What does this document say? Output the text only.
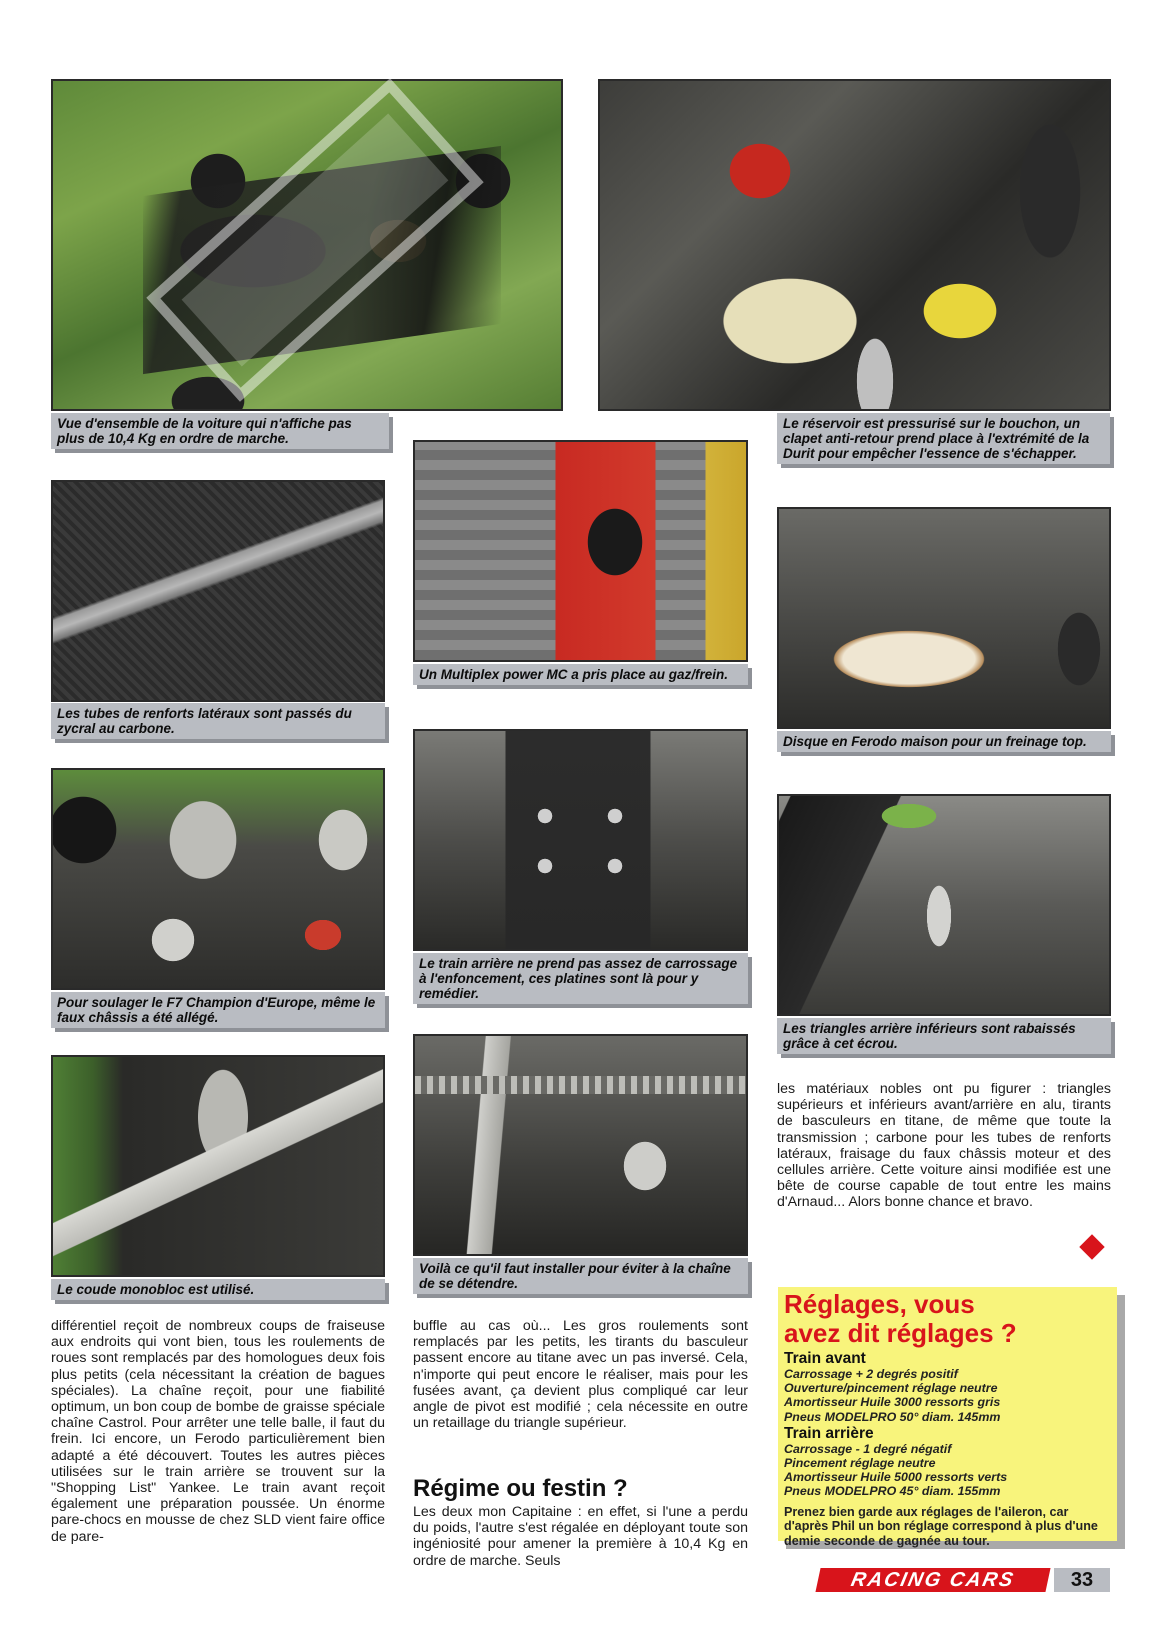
Vue d'ensemble de la voiture qui n'affiche pas plus de 10,4 Kg en ordre de marche.
Le réservoir est pressurisé sur le bouchon, un clapet anti-retour prend place à l'extrémité de la Durit pour empêcher l'essence de s'échapper.
Les tubes de renforts latéraux sont passés du zycral au carbone.
Un Multiplex power MC a pris place au gaz/frein.
Disque en Ferodo maison pour un freinage top.
Pour soulager le F7 Champion d'Europe, même le faux châssis a été allégé.
Le train arrière ne prend pas assez de carrossage à l'enfoncement, ces platines sont là pour y remédier.
Les triangles arrière inférieurs sont rabaissés grâce à cet écrou.
Le coude monobloc est utilisé.
Voilà ce qu'il faut installer pour éviter à la chaîne de se détendre.

différentiel reçoit de nombreux coups de fraiseuse aux endroits qui vont bien, tous les roulements de roues sont remplacés par des homologues deux fois plus petits (cela nécessitant la création de bagues spéciales). La chaîne reçoit, pour une fiabilité optimum, un bon coup de bombe de graisse spéciale chaîne Castrol. Pour arrêter une telle balle, il faut du frein. Ici encore, un Ferodo particulièrement bien adapté a été découvert. Toutes les autres pièces utilisées sur le train arrière se trouvent sur la "Shopping List" Yankee. Le train avant reçoit également une préparation poussée. Un énorme pare-chocs en mousse de chez SLD vient faire office de pare-

buffle au cas où... Les gros roulements sont remplacés par les petits, les tirants du basculeur passent encore au titane avec un pas inversé. Cela, n'importe qui peut encore le réaliser, mais pour les fusées avant, ça devient plus compliqué car leur angle de pivot est modifié ; cela nécessite en outre un retaillage du triangle supérieur.

Régime ou festin ?

Les deux mon Capitaine : en effet, si l'une a perdu du poids, l'autre s'est régalée en déployant toute son ingéniosité pour amener la première à 10,4 Kg en ordre de marche. Seuls

les matériaux nobles ont pu figurer : triangles supérieurs et inférieurs avant/arrière en alu, tirants de basculeurs en titane, de même que toute la transmission ; carbone pour les tubes de renforts latéraux, fraisage du faux châssis moteur et des cellules arrière. Cette voiture ainsi modifiée est une bête de course capable de tout entre les mains d'Arnaud... Alors bonne chance et bravo.

Réglages, vous
avez dit réglages ?
Train avant

Carrossage + 2 degrés positif

Ouverture/pincement réglage neutre

Amortisseur Huile 3000 ressorts gris

Pneus MODELPRO 50° diam. 145mm

Train arrière

Carrossage - 1 degré négatif

Pincement réglage neutre

Amortisseur Huile 5000 ressorts verts

Pneus MODELPRO 45° diam. 155mm

Prenez bien garde aux réglages de l'aileron, car d'après Phil un bon réglage correspond à plus d'une demie seconde de gagnée au tour.

RACING CARS	33
